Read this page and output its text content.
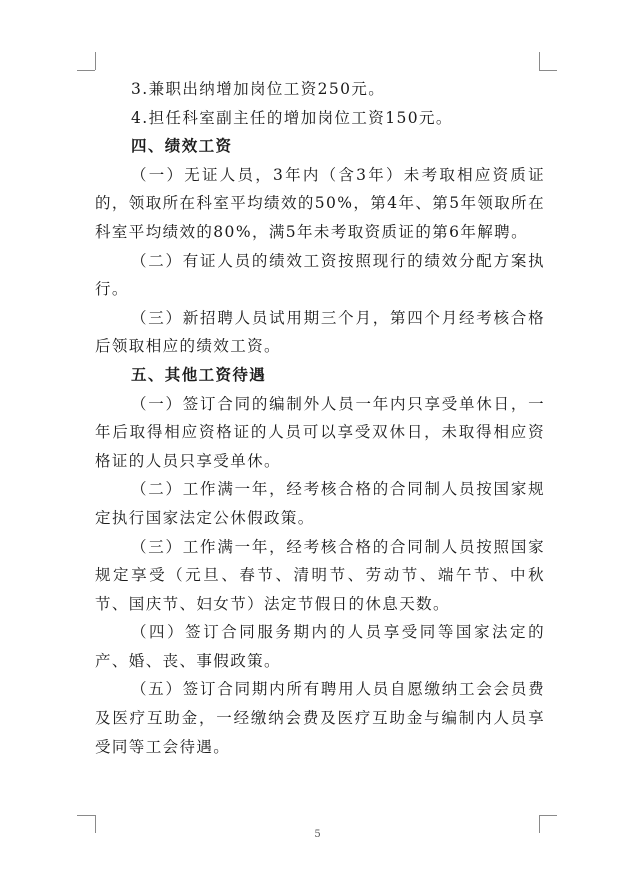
3.兼职出纳增加岗位工资250元。

4.担任科室副主任的增加岗位工资150元。

四、绩效工资

（一）无证人员，3年内（含3年）未考取相应资质证的，领取所在科室平均绩效的50%，第4年、第5年领取所在科室平均绩效的80%，满5年未考取资质证的第6年解聘。

（二）有证人员的绩效工资按照现行的绩效分配方案执行。

（三）新招聘人员试用期三个月，第四个月经考核合格后领取相应的绩效工资。

五、其他工资待遇

（一）签订合同的编制外人员一年内只享受单休日，一年后取得相应资格证的人员可以享受双休日，未取得相应资格证的人员只享受单休。

（二）工作满一年，经考核合格的合同制人员按国家规定执行国家法定公休假政策。

（三）工作满一年，经考核合格的合同制人员按照国家规定享受（元旦、春节、清明节、劳动节、端午节、中秋节、国庆节、妇女节）法定节假日的休息天数。

（四）签订合同服务期内的人员享受同等国家法定的产、婚、丧、事假政策。

（五）签订合同期内所有聘用人员自愿缴纳工会会员费及医疗互助金，一经缴纳会费及医疗互助金与编制内人员享受同等工会待遇。

5
